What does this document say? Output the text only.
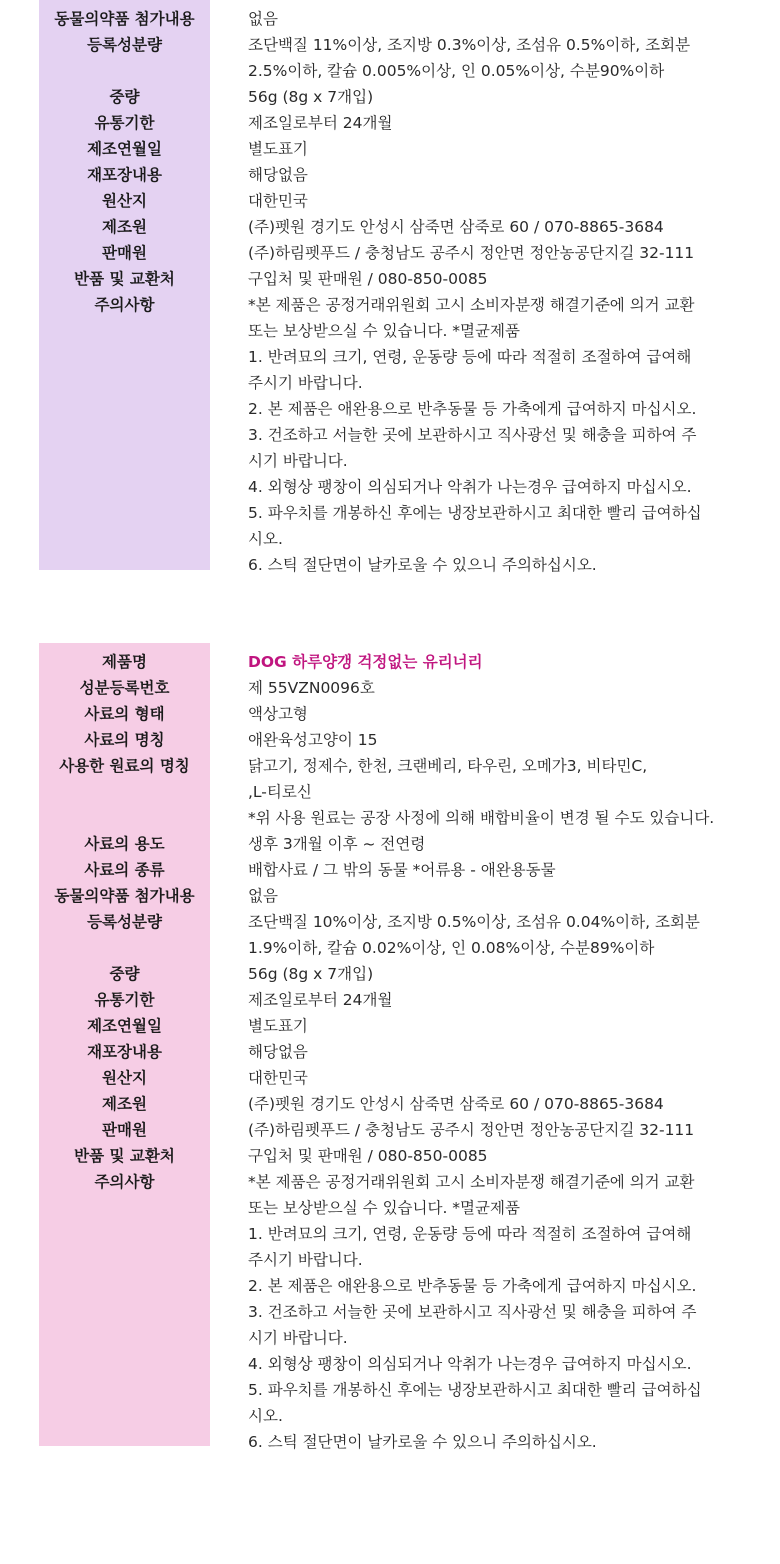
동물의약품 첨가내용	없음
등록성분량	조단백질 11%이상, 조지방 0.3%이상, 조섬유 0.5%이하, 조회분
2.5%이하, 칼슘 0.005%이상, 인 0.05%이상, 수분90%이하
중량	56g (8g x 7개입)
유통기한	제조일로부터 24개월
제조연월일	별도표기
재포장내용	해당없음
원산지	대한민국
제조원	(주)펫원 경기도 안성시 삼죽면 삼죽로 60 / 070-8865-3684
판매원	(주)하림펫푸드 / 충청남도 공주시 정안면 정안농공단지길 32-111
반품 및 교환처	구입처 및 판매원 / 080-850-0085
주의사항	*본 제품은 공정거래위원회 고시 소비자분쟁 해결기준에 의거 교환
또는 보상받으실 수 있습니다. *멸균제품
1. 반려묘의 크기, 연령, 운동량 등에 따라 적절히 조절하여 급여해
주시기 바랍니다.
2. 본 제품은 애완용으로 반추동물 등 가축에게 급여하지 마십시오.
3. 건조하고 서늘한 곳에 보관하시고 직사광선 및 해충을 피하여 주
시기 바랍니다.
4. 외형상 팽창이 의심되거나 악취가 나는경우 급여하지 마십시오.
5. 파우치를 개봉하신 후에는 냉장보관하시고 최대한 빨리 급여하십
시오.
6. 스틱 절단면이 날카로울 수 있으니 주의하십시오.
제품명	DOG 하루양갱 걱정없는 유리너리
성분등록번호	제 55VZN0096호
사료의 형태	액상고형
사료의 명칭	애완육성고양이 15
사용한 원료의 명칭	닭고기, 정제수, 한천, 크랜베리, 타우린, 오메가3, 비타민C,
,L-티로신
*위 사용 원료는 공장 사정에 의해 배합비율이 변경 될 수도 있습니다.
사료의 용도	생후 3개월 이후 ~ 전연령
사료의 종류	배합사료 / 그 밖의 동물 *어류용 - 애완용동물
동물의약품 첨가내용	없음
등록성분량	조단백질 10%이상, 조지방 0.5%이상, 조섬유 0.04%이하, 조회분
1.9%이하, 칼슘 0.02%이상, 인 0.08%이상, 수분89%이하
중량	56g (8g x 7개입)
유통기한	제조일로부터 24개월
제조연월일	별도표기
재포장내용	해당없음
원산지	대한민국
제조원	(주)펫원 경기도 안성시 삼죽면 삼죽로 60 / 070-8865-3684
판매원	(주)하림펫푸드 / 충청남도 공주시 정안면 정안농공단지길 32-111
반품 및 교환처	구입처 및 판매원 / 080-850-0085
주의사항	*본 제품은 공정거래위원회 고시 소비자분쟁 해결기준에 의거 교환
또는 보상받으실 수 있습니다. *멸균제품
1. 반려묘의 크기, 연령, 운동량 등에 따라 적절히 조절하여 급여해
주시기 바랍니다.
2. 본 제품은 애완용으로 반추동물 등 가축에게 급여하지 마십시오.
3. 건조하고 서늘한 곳에 보관하시고 직사광선 및 해충을 피하여 주
시기 바랍니다.
4. 외형상 팽창이 의심되거나 악취가 나는경우 급여하지 마십시오.
5. 파우치를 개봉하신 후에는 냉장보관하시고 최대한 빨리 급여하십
시오.
6. 스틱 절단면이 날카로울 수 있으니 주의하십시오.
